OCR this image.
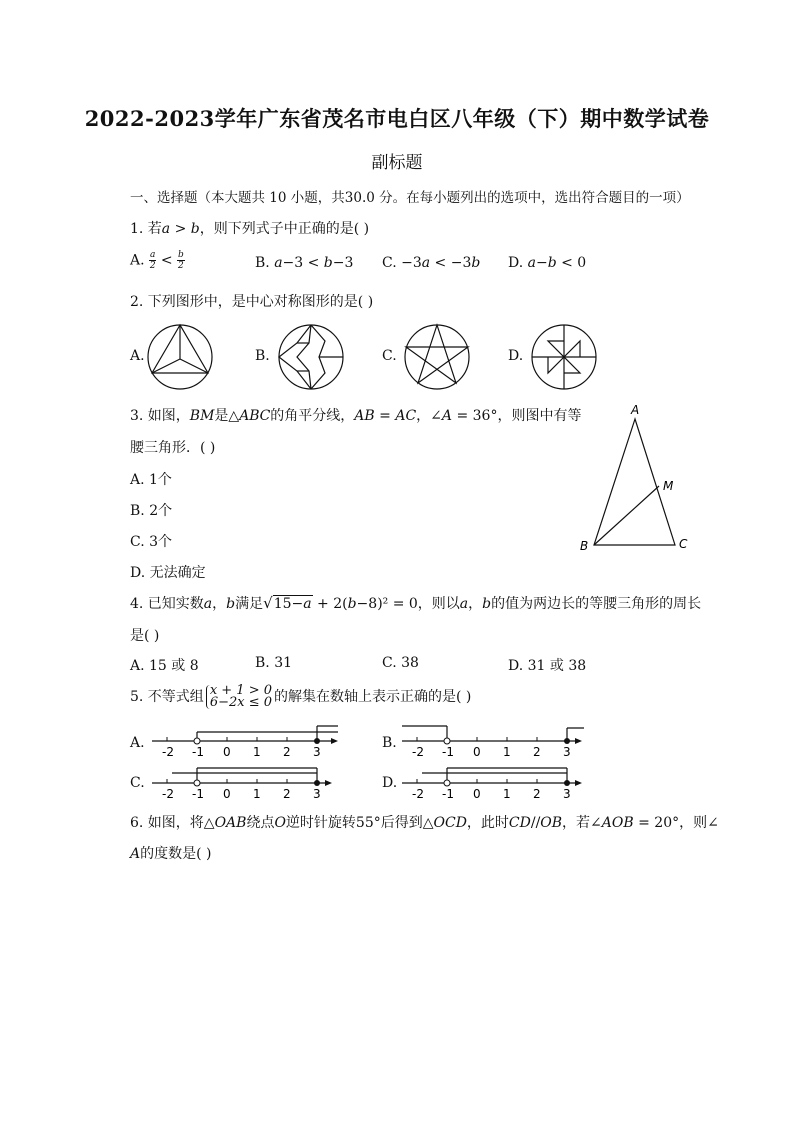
2022-2023学年广东省茂名市电白区八年级（下）期中数学试卷
副标题
一、选择题（本大题共 10 小题，共30.0 分。在每小题列出的选项中，选出符合题目的一项）
1. 若𝑎 > 𝑏，则下列式子中正确的是( )
A. $\frac{a}{2} < \frac{b}{2}$	B. 𝑎−3 < 𝑏−3 C. −3𝑎 < −3𝑏 D. 𝑎−𝑏 < 0
2. 下列图形中，是中心对称图形的是( )
A.	B.	C.	D.
3. 如图，𝐵𝑀是△𝐴𝐵𝐶的角平分线，𝐴𝐵 = 𝐴𝐶，∠𝐴 = 36°，则图中有等
腰三角形．( )
A. 1个
B. 2个
C. 3个
D. 无法确定
A
B	C
M
4. 已知实数𝑎，𝑏满足√15−𝑎 + 2(𝑏−8)² = 0，则以𝑎，𝑏的值为两边长的等腰三角形的周长
是( )
A. 15 或 8	B. 31	C. 38	D. 31 或 38
5. 不等式组 𝑥 + 1 > 0
6−2𝑥 ≤ 0 的解集在数轴上表示正确的是( )
A.	B.
C.	D.
-2 -1 0 1 2 3	-2 -1 0 1 2 3
-2 -1 0 1 2 3	-2 -1 0 1 2 3
6. 如图，将△𝑂𝐴𝐵绕点𝑂逆时针旋转55°后得到△𝑂𝐶𝐷，此时𝐶𝐷//𝑂𝐵，若∠𝐴𝑂𝐵 = 20°，则∠
𝐴的度数是( )
